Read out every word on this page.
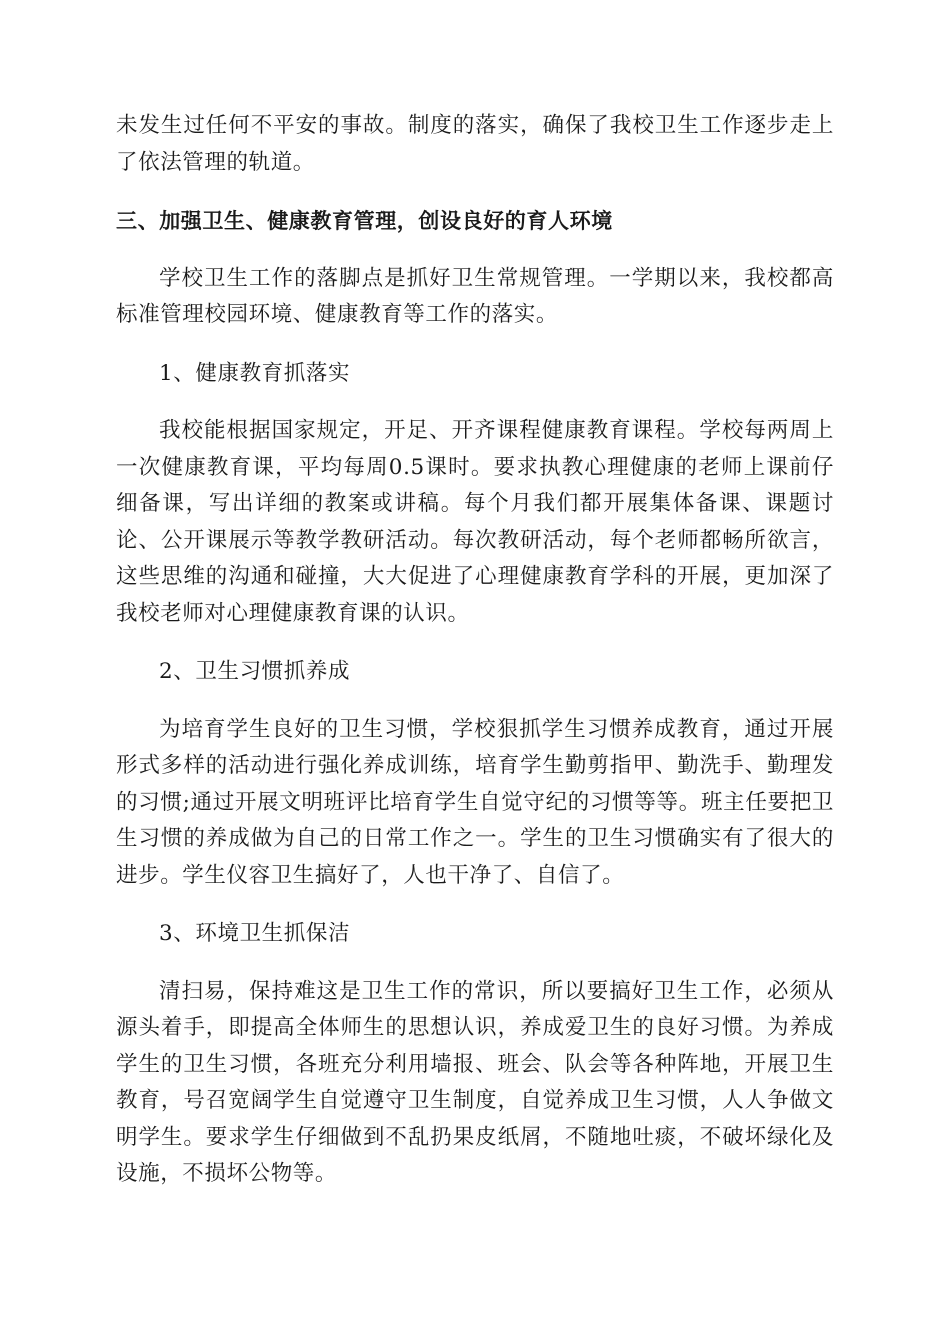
未发生过任何不平安的事故。制度的落实，确保了我校卫生工作逐步走上了依法管理的轨道。

三、加强卫生、健康教育管理，创设良好的育人环境

学校卫生工作的落脚点是抓好卫生常规管理。一学期以来，我校都高标准管理校园环境、健康教育等工作的落实。

1、健康教育抓落实

我校能根据国家规定，开足、开齐课程健康教育课程。学校每两周上一次健康教育课，平均每周0.5课时。要求执教心理健康的老师上课前仔细备课，写出详细的教案或讲稿。每个月我们都开展集体备课、课题讨论、公开课展示等教学教研活动。每次教研活动，每个老师都畅所欲言，这些思维的沟通和碰撞，大大促进了心理健康教育学科的开展，更加深了我校老师对心理健康教育课的认识。

2、卫生习惯抓养成

为培育学生良好的卫生习惯，学校狠抓学生习惯养成教育，通过开展形式多样的活动进行强化养成训练，培育学生勤剪指甲、勤洗手、勤理发的习惯;通过开展文明班评比培育学生自觉守纪的习惯等等。班主任要把卫生习惯的养成做为自己的日常工作之一。学生的卫生习惯确实有了很大的进步。学生仪容卫生搞好了，人也干净了、自信了。

3、环境卫生抓保洁

清扫易，保持难这是卫生工作的常识，所以要搞好卫生工作，必须从源头着手，即提高全体师生的思想认识，养成爱卫生的良好习惯。为养成学生的卫生习惯，各班充分利用墙报、班会、队会等各种阵地，开展卫生教育，号召宽阔学生自觉遵守卫生制度，自觉养成卫生习惯，人人争做文明学生。要求学生仔细做到不乱扔果皮纸屑，不随地吐痰，不破坏绿化及设施，不损坏公物等。
